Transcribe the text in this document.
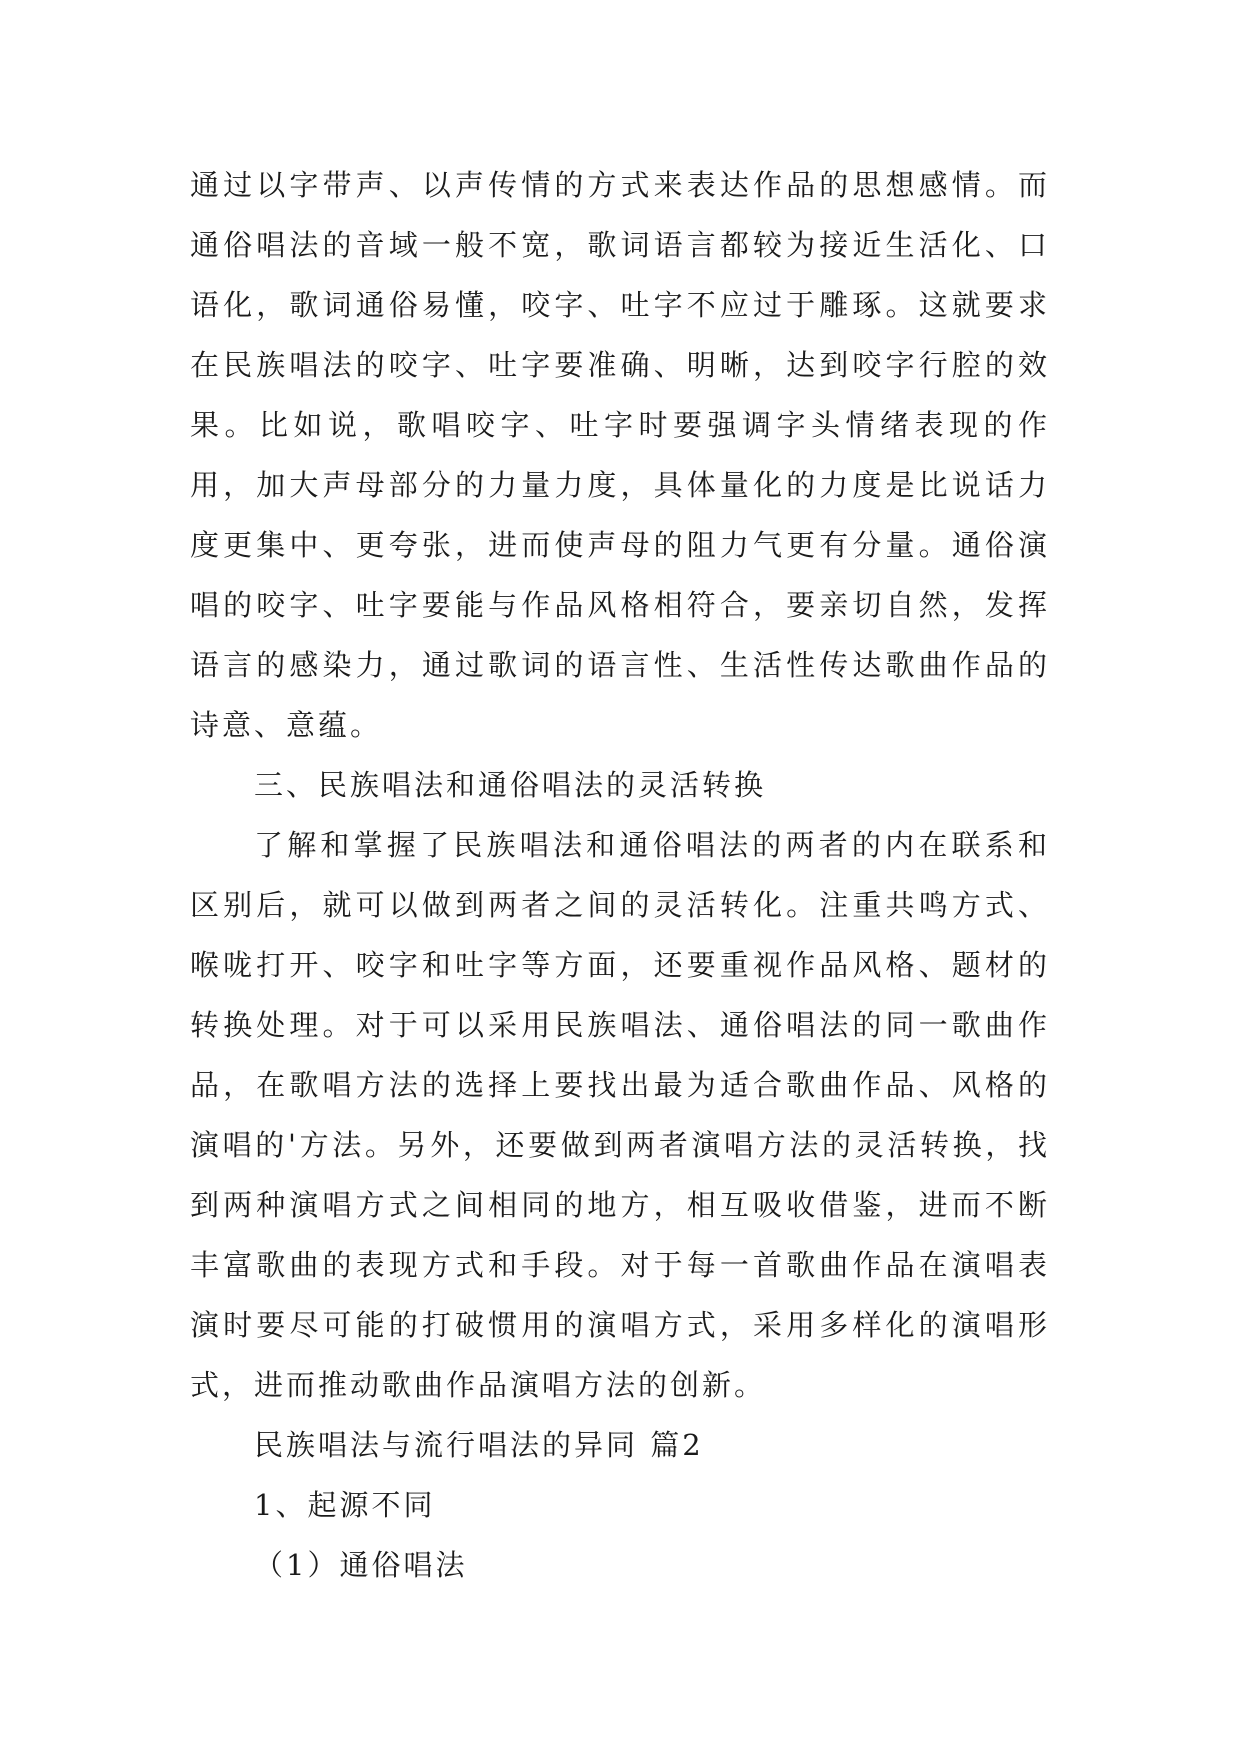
通过以字带声、以声传情的方式来表达作品的思想感情。而通俗唱法的音域一般不宽，歌词语言都较为接近生活化、口语化，歌词通俗易懂，咬字、吐字不应过于雕琢。这就要求在民族唱法的咬字、吐字要准确、明晰，达到咬字行腔的效果。比如说，歌唱咬字、吐字时要强调字头情绪表现的作用，加大声母部分的力量力度，具体量化的力度是比说话力度更集中、更夸张，进而使声母的阻力气更有分量。通俗演唱的咬字、吐字要能与作品风格相符合，要亲切自然，发挥语言的感染力，通过歌词的语言性、生活性传达歌曲作品的诗意、意蕴。

三、民族唱法和通俗唱法的灵活转换

了解和掌握了民族唱法和通俗唱法的两者的内在联系和区别后，就可以做到两者之间的灵活转化。注重共鸣方式、喉咙打开、咬字和吐字等方面，还要重视作品风格、题材的转换处理。对于可以采用民族唱法、通俗唱法的同一歌曲作品，在歌唱方法的选择上要找出最为适合歌曲作品、风格的演唱的'方法。另外，还要做到两者演唱方法的灵活转换，找到两种演唱方式之间相同的地方，相互吸收借鉴，进而不断丰富歌曲的表现方式和手段。对于每一首歌曲作品在演唱表演时要尽可能的打破惯用的演唱方式，采用多样化的演唱形式，进而推动歌曲作品演唱方法的创新。

民族唱法与流行唱法的异同 篇2

1、起源不同

（1）通俗唱法
